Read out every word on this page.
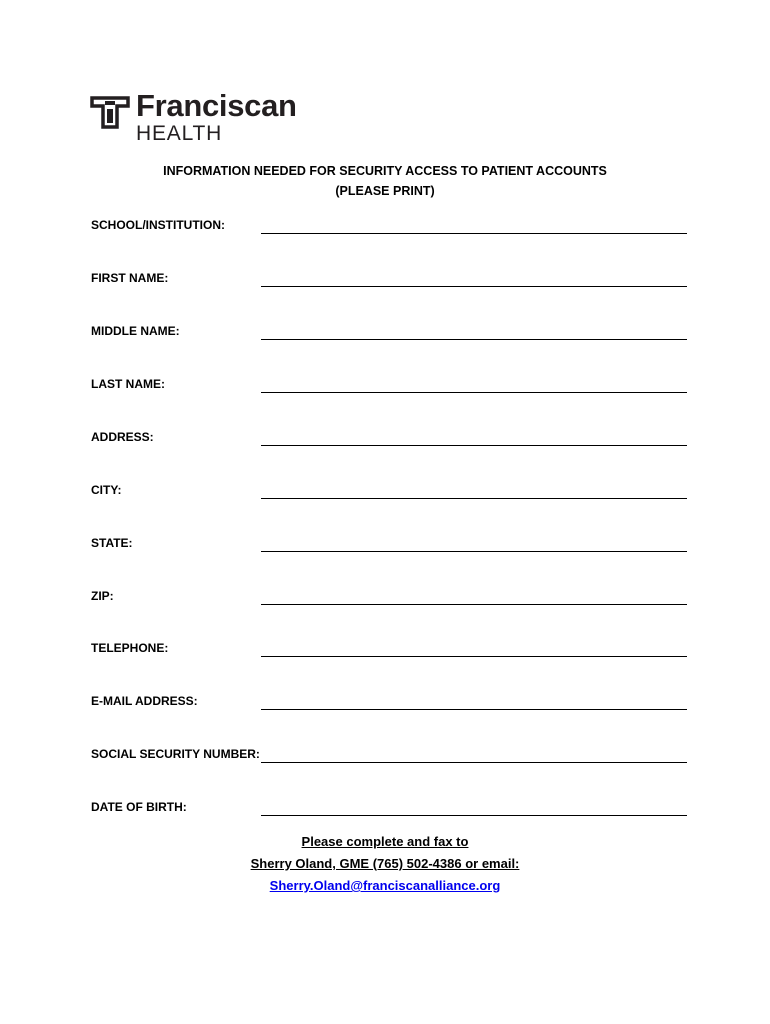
Franciscan
HEALTH
INFORMATION NEEDED FOR SECURITY ACCESS TO PATIENT ACCOUNTS
(PLEASE PRINT)
SCHOOL/INSTITUTION:
FIRST NAME:
MIDDLE NAME:
LAST NAME:
ADDRESS:
CITY:
STATE:
ZIP:
TELEPHONE:
E-MAIL ADDRESS:
SOCIAL SECURITY NUMBER:
DATE OF BIRTH:
Please complete and fax to
Sherry Oland, GME (765) 502-4386 or email:
Sherry.Oland@franciscanalliance.org
